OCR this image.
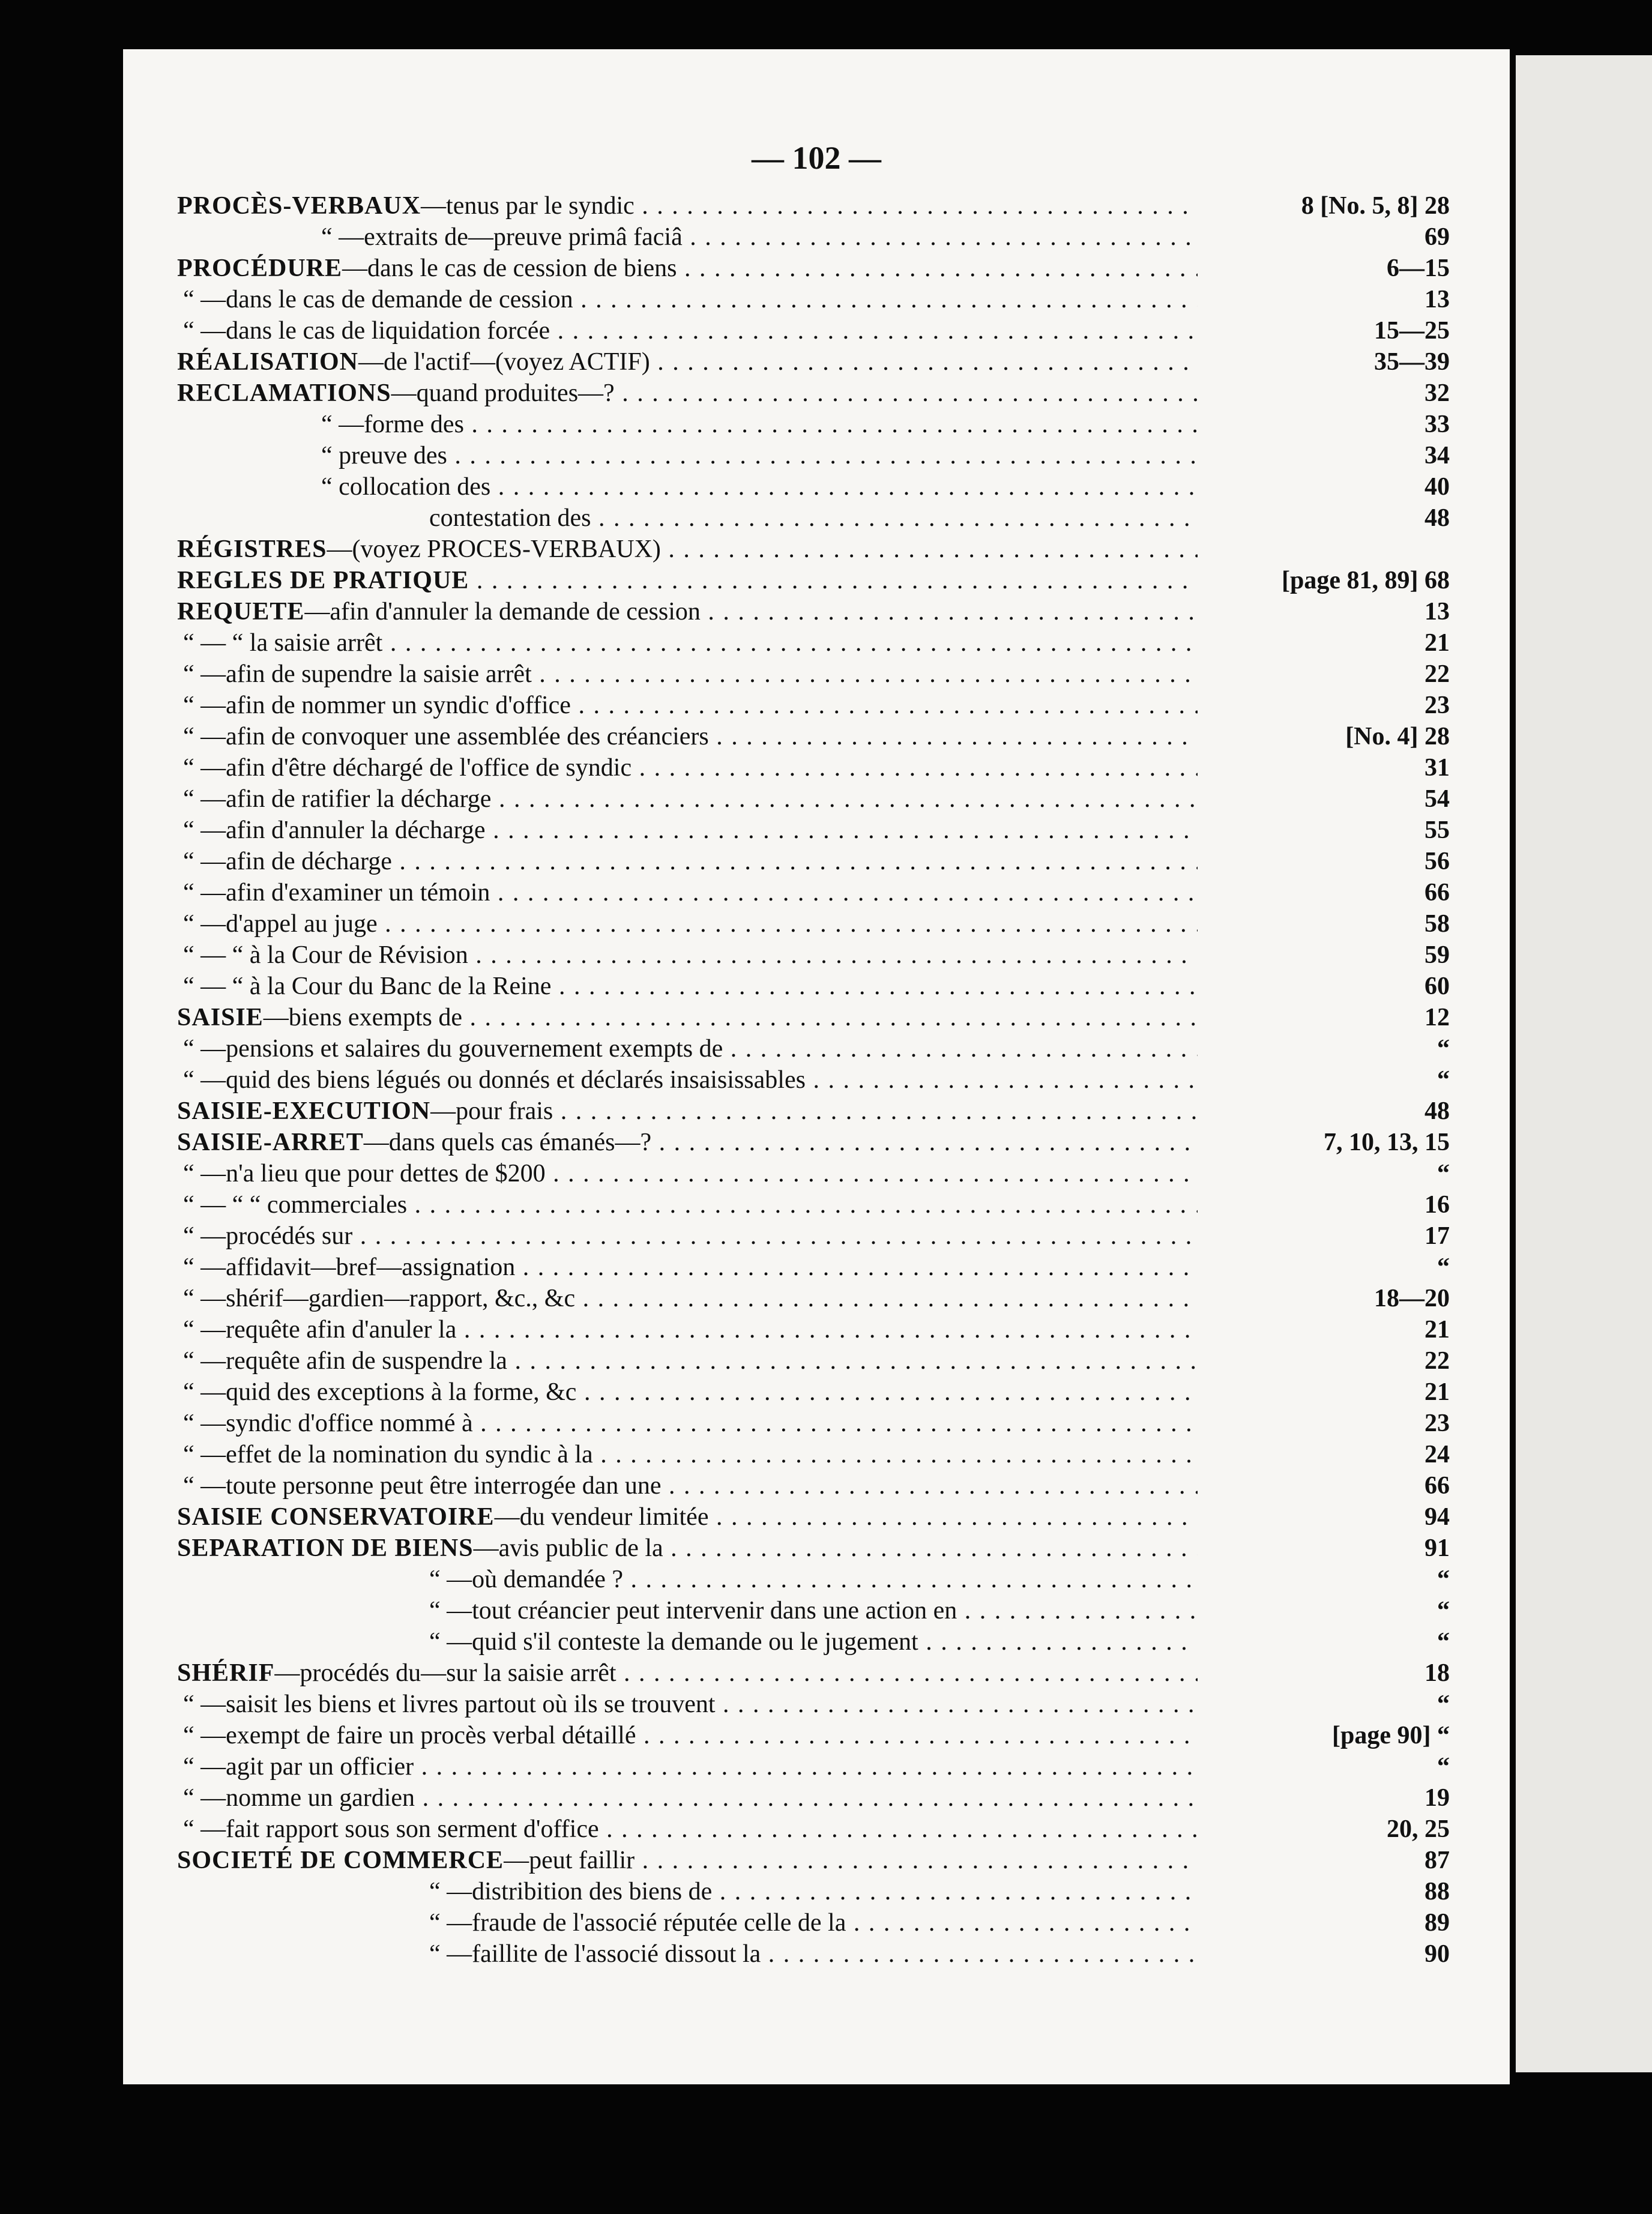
— 102 —
PROCÈS-VERBAUX—tenus par le syndic . . .	8 [No. 5, 8] 28
“ —extraits de—preuve primâ faciâ . . .	69
PROCÉDURE—dans le cas de cession de biens . . .	6—15
“ —dans le cas de demande de cession . . .	13
“ —dans le cas de liquidation forcée . . .	15—25
RÉALISATION—de l'actif—(voyez ACTIF) . . .	35—39
RECLAMATIONS—quand produites—? . . .	32
“ —forme des . . .	33
“ preuve des . . .	34
“ collocation des . . .	40
contestation des . . .	48
RÉGISTRES—(voyez PROCES-VERBAUX) . . .
REGLES DE PRATIQUE . . .	[page 81, 89] 68
REQUETE—afin d'annuler la demande de cession . . .	13
“ — “ la saisie arrêt . . .	21
“ —afin de supendre la saisie arrêt . . .	22
“ —afin de nommer un syndic d'office . . .	23
“ —afin de convoquer une assemblée des créanciers . . .	[No. 4] 28
“ —afin d'être déchargé de l'office de syndic . . .	31
“ —afin de ratifier la décharge . . .	54
“ —afin d'annuler la décharge . . .	55
“ —afin de décharge . . .	56
“ —afin d'examiner un témoin . . .	66
“ —d'appel au juge . . .	58
“ — “ à la Cour de Révision . . .	59
“ — “ à la Cour du Banc de la Reine . . .	60
SAISIE—biens exempts de . . .	12
“ —pensions et salaires du gouvernement exempts de . . .	“
“ —quid des biens légués ou donnés et déclarés insaisissables . . .	“
SAISIE-EXECUTION—pour frais . . .	48
SAISIE-ARRET—dans quels cas émanés—? . . .	7, 10, 13, 15
“ —n'a lieu que pour dettes de $200 . . .	“
“ — “ “ commerciales . . .	16
“ —procédés sur . . .	17
“ —affidavit—bref—assignation . . .	“
“ —shérif—gardien—rapport, &c., &c . . .	18—20
“ —requête afin d'anuler la . . .	21
“ —requête afin de suspendre la . . .	22
“ —quid des exceptions à la forme, &c . . .	21
“ —syndic d'office nommé à . . .	23
“ —effet de la nomination du syndic à la . . .	24
“ —toute personne peut être interrogée dan une . . .	66
SAISIE CONSERVATOIRE—du vendeur limitée . . .	94
SEPARATION DE BIENS—avis public de la . . .	91
“ —où demandée ? . . .	“
“ —tout créancier peut intervenir dans une action en . . .	“
“ —quid s'il conteste la demande ou le jugement . . .	“
SHÉRIF—procédés du—sur la saisie arrêt . . .	18
“ —saisit les biens et livres partout où ils se trouvent . . .	“
“ —exempt de faire un procès verbal détaillé . . .	[page 90] “
“ —agit par un officier . . .	“
“ —nomme un gardien . . .	19
“ —fait rapport sous son serment d'office . . .	20, 25
SOCIETÉ DE COMMERCE—peut faillir . . .	87
“ —distribition des biens de . . .	88
“ —fraude de l'associé réputée celle de la . . .	89
“ —faillite de l'associé dissout la . . .	90
